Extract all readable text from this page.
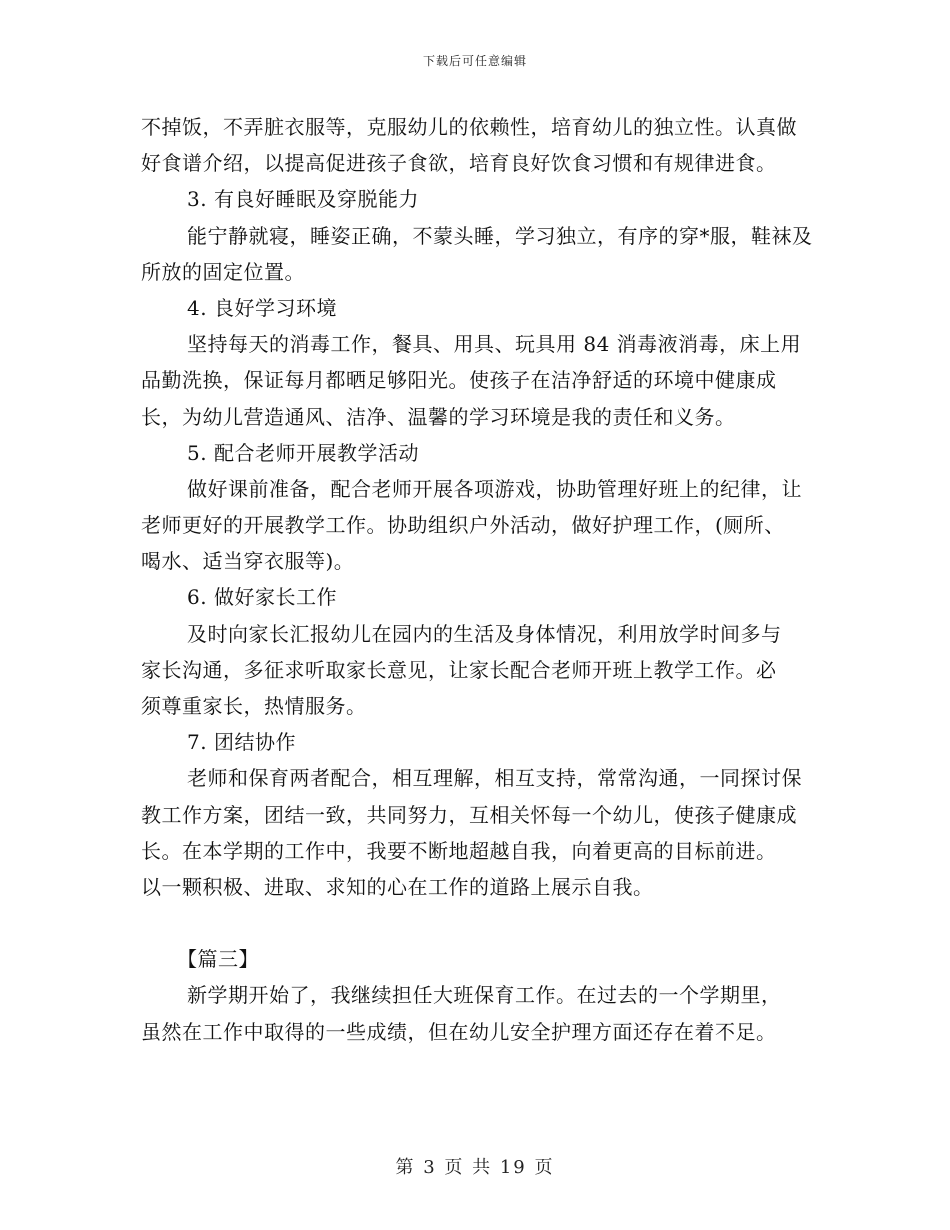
下载后可任意编辑
不掉饭，不弄脏衣服等，克服幼儿的依赖性，培育幼儿的独立性。认真做
好食谱介绍，以提高促进孩子食欲，培育良好饮食习惯和有规律进食。
3. 有良好睡眠及穿脱能力
能宁静就寝，睡姿正确，不蒙头睡，学习独立，有序的穿*服，鞋袜及
所放的固定位置。
4. 良好学习环境
坚持每天的消毒工作，餐具、用具、玩具用 84 消毒液消毒，床上用
品勤洗换，保证每月都晒足够阳光。使孩子在洁净舒适的环境中健康成
长，为幼儿营造通风、洁净、温馨的学习环境是我的责任和义务。
5. 配合老师开展教学活动
做好课前准备，配合老师开展各项游戏，协助管理好班上的纪律，让
老师更好的开展教学工作。协助组织户外活动，做好护理工作，(厕所、
喝水、适当穿衣服等)。
6. 做好家长工作
及时向家长汇报幼儿在园内的生活及身体情况，利用放学时间多与
家长沟通，多征求听取家长意见，让家长配合老师开班上教学工作。必
须尊重家长，热情服务。
7. 团结协作
老师和保育两者配合，相互理解，相互支持，常常沟通，一同探讨保
教工作方案，团结一致，共同努力，互相关怀每一个幼儿，使孩子健康成
长。在本学期的工作中，我要不断地超越自我，向着更高的目标前进。
以一颗积极、进取、求知的心在工作的道路上展示自我。
【篇三】
新学期开始了，我继续担任大班保育工作。在过去的一个学期里，
虽然在工作中取得的一些成绩，但在幼儿安全护理方面还存在着不足。
第 3 页 共 19 页
